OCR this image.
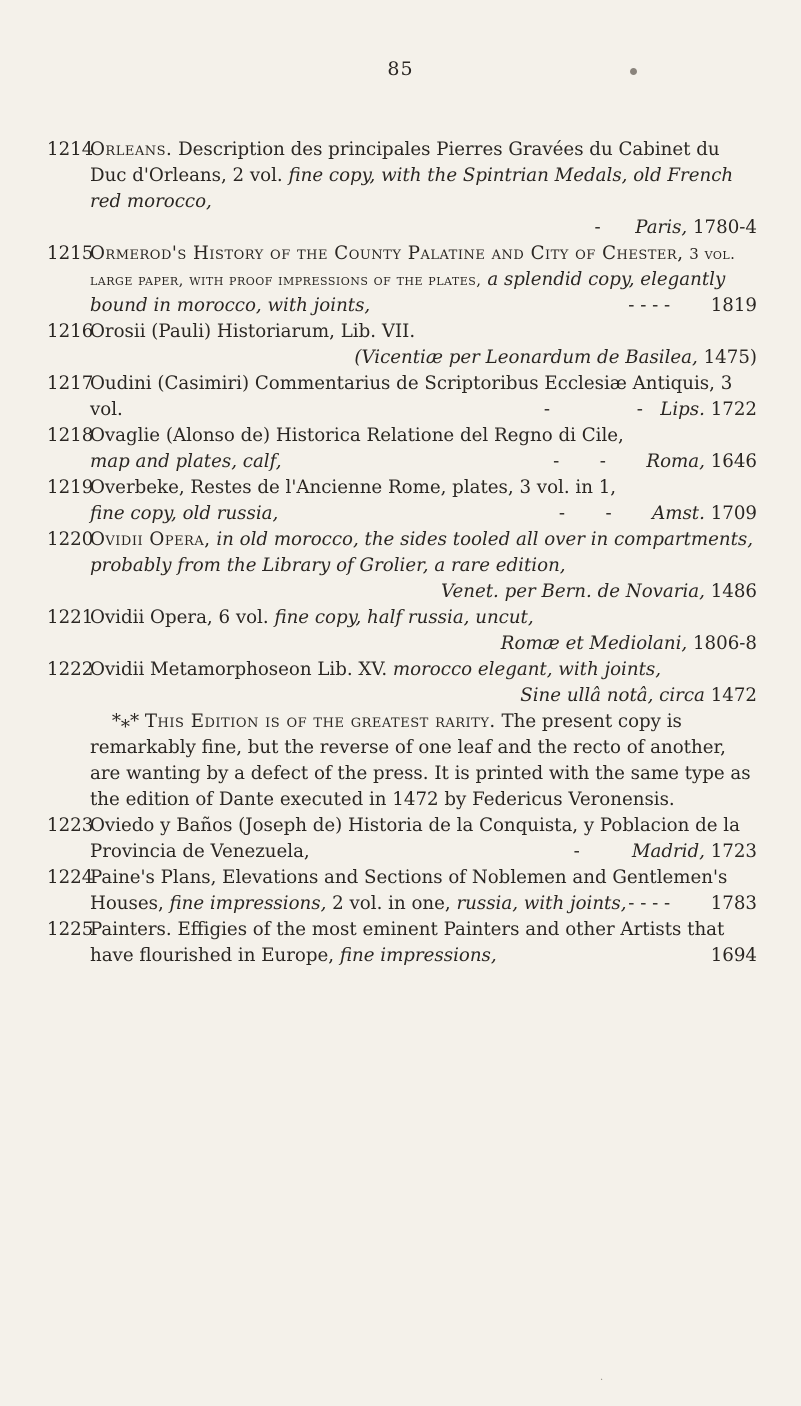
85
1214
Orleans. Description des principales Pierres Gravées du Cabinet du Duc d'Orleans, 2 vol. fine copy, with the Spintrian Medals, old French red morocco,
- Paris, 1780-4
1215
Ormerod's History of the County Palatine and City of Chester, 3 vol. large paper, with proof impressions of the plates, a splendid copy, elegantly bound in morocco, with joints,	- - - - 1819
1216
Orosii (Pauli) Historiarum, Lib. VII.
(Vicentiæ per Leonardum de Basilea, 1475)
1217
Oudini (Casimiri) Commentarius de Scriptoribus Ecclesiæ Antiquis, 3 vol.	-	- Lips. 1722
1218
Ovaglie (Alonso de) Historica Relatione del Regno di Cile,
map and plates, calf,	- - Roma, 1646
1219
Overbeke, Restes de l'Ancienne Rome, plates, 3 vol. in 1,
fine copy, old russia,	- - Amst. 1709
1220
Ovidii Opera, in old morocco, the sides tooled all over in compartments, probably from the Library of Grolier, a rare edition,
Venet. per Bern. de Novaria, 1486
1221
Ovidii Opera, 6 vol. fine copy, half russia, uncut,
Romæ et Mediolani, 1806-8
1222
Ovidii Metamorphoseon Lib. XV. morocco elegant, with joints,
Sine ullâ notâ, circa 1472
*⁎* This Edition is of the greatest rarity. The present copy is remarkably fine, but the reverse of one leaf and the recto of another, are wanting by a defect of the press. It is printed with the same type as the edition of Dante executed in 1472 by Federicus Veronensis.
1223
Oviedo y Baños (Joseph de) Historia de la Conquista, y Poblacion de la Provincia de Venezuela,	-	Madrid, 1723
1224
Paine's Plans, Elevations and Sections of Noblemen and Gentlemen's Houses, fine impressions, 2 vol. in one, russia, with joints, - - - - 1783
1225
Painters. Effigies of the most eminent Painters and other Artists that have flourished in Europe, fine impressions,	1694
·
